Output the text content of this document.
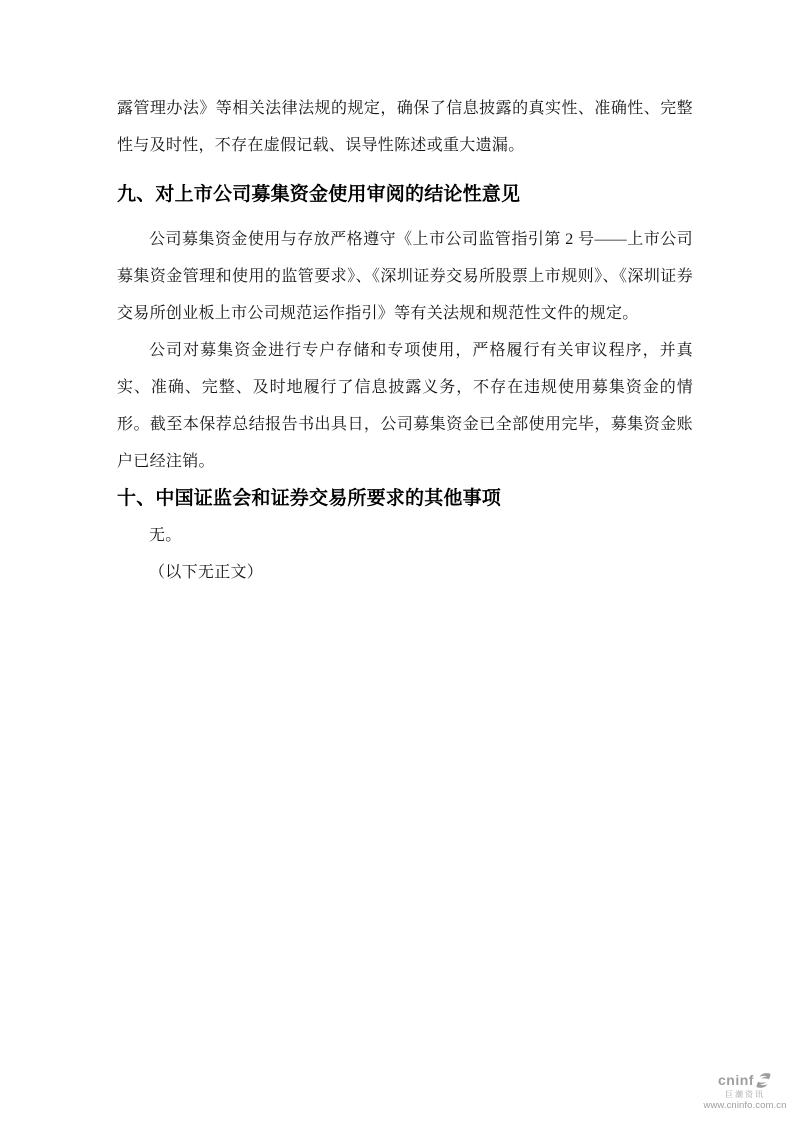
露管理办法》等相关法律法规的规定，确保了信息披露的真实性、准确性、完整性与及时性，不存在虚假记载、误导性陈述或重大遗漏。

九、对上市公司募集资金使用审阅的结论性意见

公司募集资金使用与存放严格遵守《上市公司监管指引第 2 号——上市公司募集资金管理和使用的监管要求》、《深圳证券交易所股票上市规则》、《深圳证券交易所创业板上市公司规范运作指引》等有关法规和规范性文件的规定。

公司对募集资金进行专户存储和专项使用，严格履行有关审议程序，并真实、准确、完整、及时地履行了信息披露义务，不存在违规使用募集资金的情形。截至本保荐总结报告书出具日，公司募集资金已全部使用完毕，募集资金账户已经注销。

十、中国证监会和证券交易所要求的其他事项

无。

（以下无正文）

cninf
巨潮资讯
www.cninfo.com.cn
